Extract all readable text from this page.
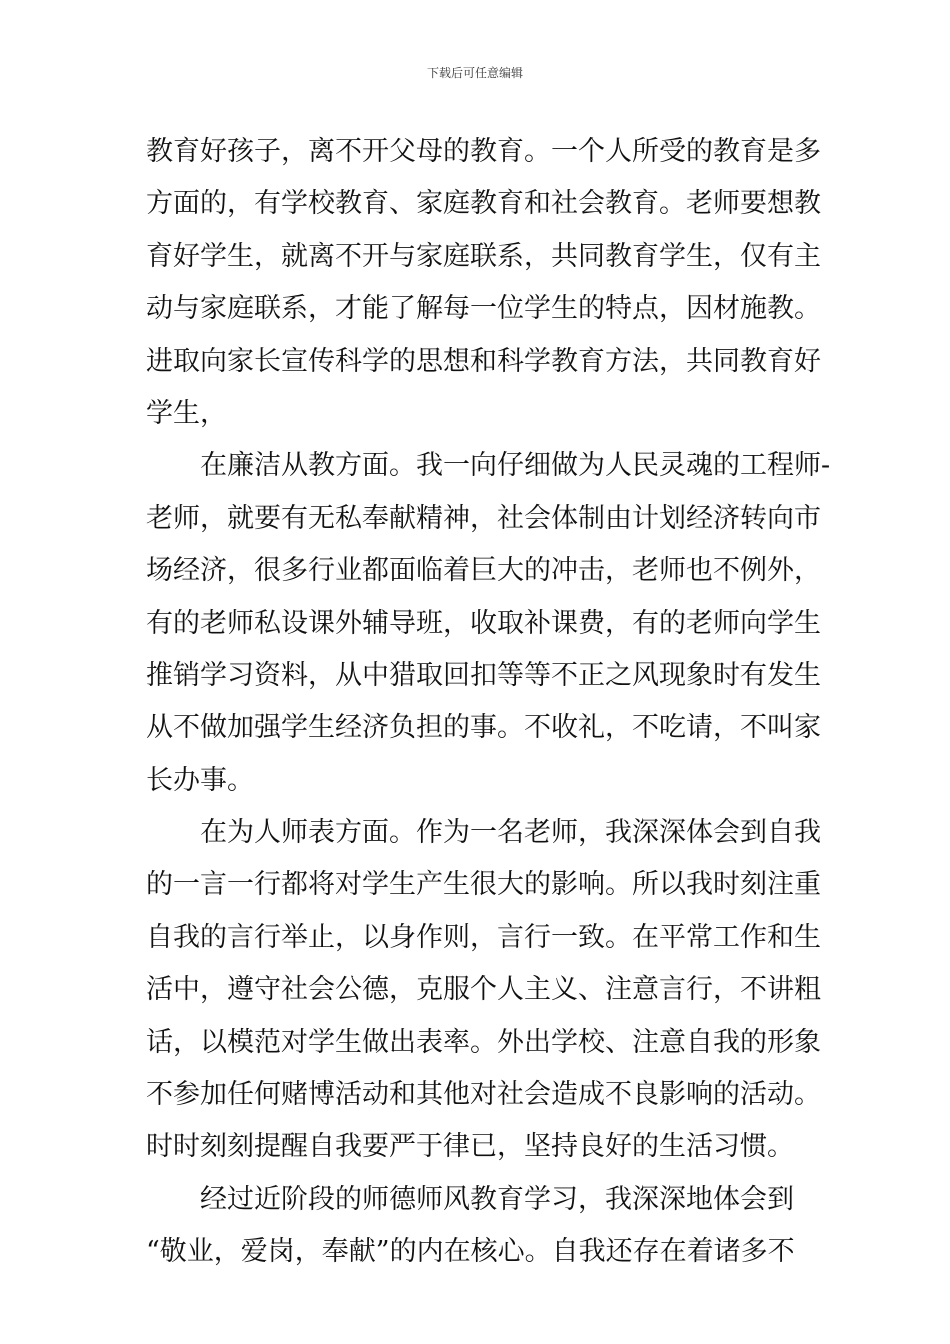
下载后可任意编辑
教育好孩子，离不开父母的教育。一个人所受的教育是多
方面的，有学校教育、家庭教育和社会教育。老师要想教
育好学生，就离不开与家庭联系，共同教育学生，仅有主
动与家庭联系，才能了解每一位学生的特点，因材施教。
进取向家长宣传科学的思想和科学教育方法，共同教育好
学生，
在廉洁从教方面。我一向仔细做为人民灵魂的工程师-
老师，就要有无私奉献精神，社会体制由计划经济转向市
场经济，很多行业都面临着巨大的冲击，老师也不例外，
有的老师私设课外辅导班，收取补课费，有的老师向学生
推销学习资料，从中猎取回扣等等不正之风现象时有发生
从不做加强学生经济负担的事。不收礼，不吃请，不叫家
长办事。
在为人师表方面。作为一名老师，我深深体会到自我
的一言一行都将对学生产生很大的影响。所以我时刻注重
自我的言行举止，以身作则，言行一致。在平常工作和生
活中，遵守社会公德，克服个人主义、注意言行，不讲粗
话，以模范对学生做出表率。外出学校、注意自我的形象
不参加任何赌博活动和其他对社会造成不良影响的活动。
时时刻刻提醒自我要严于律已，坚持良好的生活习惯。
经过近阶段的师德师风教育学习，我深深地体会到
“敬业，爱岗，奉献”的内在核心。自我还存在着诸多不
